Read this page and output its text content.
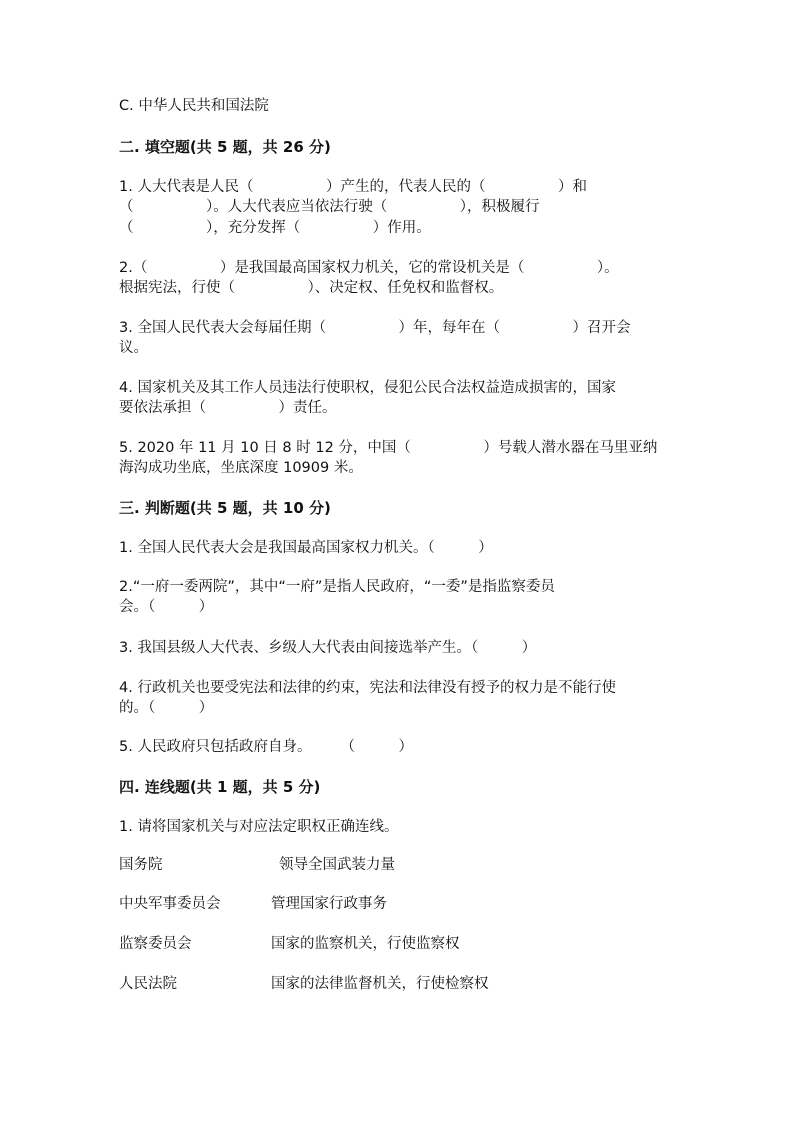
C. 中华人民共和国法院
二. 填空题(共 5 题，共 26 分)
1. 人大代表是人民（　　　　　）产生的，代表人民的（　　　　　）和
（　　　　　）。人大代表应当依法行驶（　　　　　），积极履行
（　　　　　），充分发挥（　　　　　）作用。
2.（　　　　　）是我国最高国家权力机关，它的常设机关是（　　　　　）。
根据宪法，行使（　　　　　）、决定权、任免权和监督权。
3. 全国人民代表大会每届任期（　　　　　）年，每年在（　　　　　）召开会
议。
4. 国家机关及其工作人员违法行使职权，侵犯公民合法权益造成损害的，国家
要依法承担（　　　　　）责任。
5. 2020 年 11 月 10 日 8 时 12 分，中国（　　　　　）号载人潜水器在马里亚纳
海沟成功坐底，坐底深度 10909 米。
三. 判断题(共 5 题，共 10 分)
1. 全国人民代表大会是我国最高国家权力机关。（　　　）
2.“一府一委两院”，其中“一府”是指人民政府，“一委”是指监察委员
会。（　　　）
3. 我国县级人大代表、乡级人大代表由间接选举产生。（　　　）
4. 行政机关也要受宪法和法律的约束，宪法和法律没有授予的权力是不能行使
的。（　　　）
5. 人民政府只包括政府自身。　　　（　　　）
四. 连线题(共 1 题，共 5 分)
1. 请将国家机关与对应法定职权正确连线。
国务院	领导全国武装力量
中央军事委员会	管理国家行政事务
监察委员会	国家的监察机关，行使监察权
人民法院	国家的法律监督机关，行使检察权
